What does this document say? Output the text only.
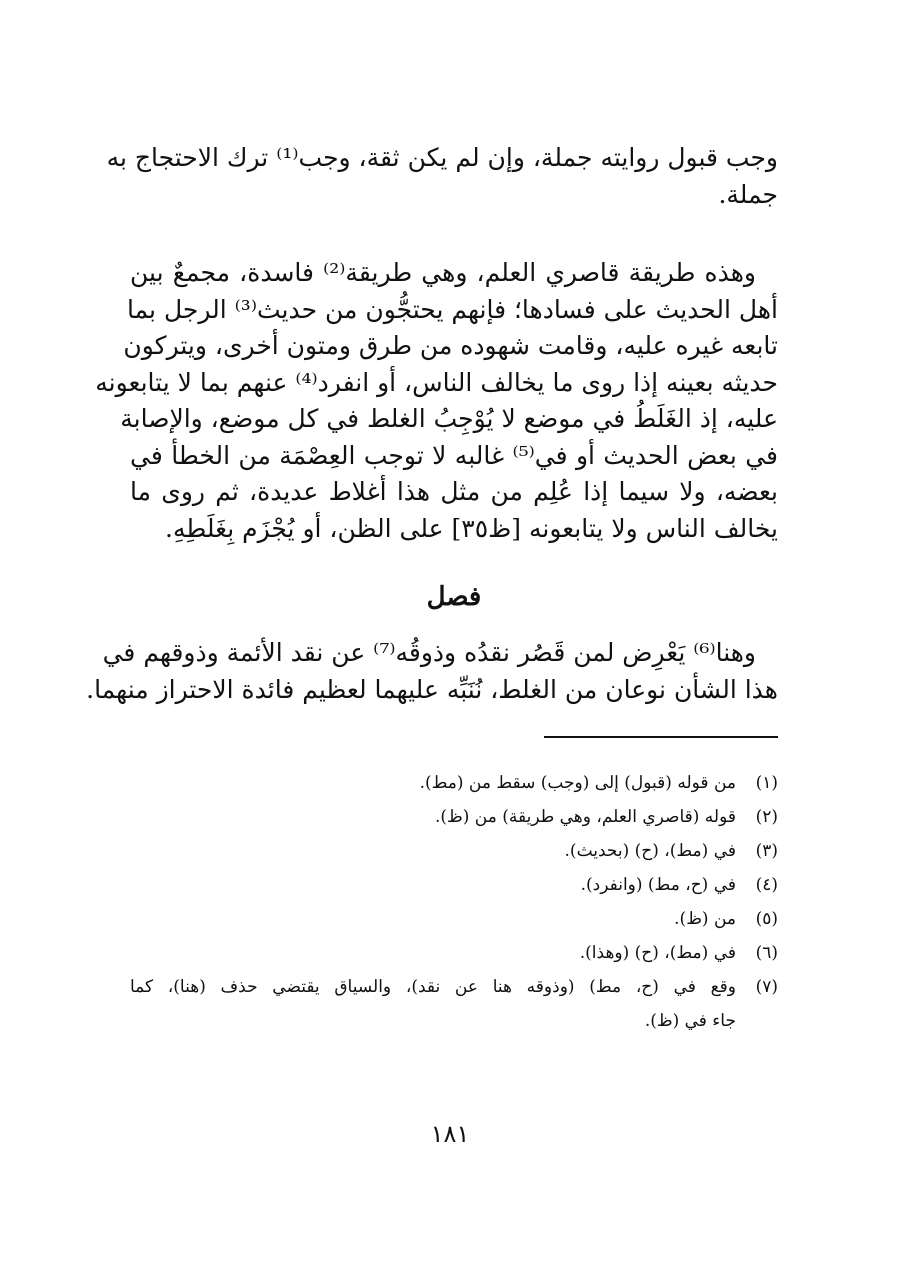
وجب قبول روايته جملة، وإن لم يكن ثقة، وجب⁽¹⁾ ترك الاحتجاج به
جملة.
وهذه طريقة قاصري العلم، وهي طريقة⁽²⁾ فاسدة، مجمعٌ بين
أهل الحديث على فسادها؛ فإنهم يحتجُّون من حديث⁽³⁾ الرجل بما
تابعه غيره عليه، وقامت شهوده من طرق ومتون أخرى، ويتركون
حديثه بعينه إذا روى ما يخالف الناس، أو انفرد⁽⁴⁾ عنهم بما لا يتابعونه
عليه، إذ الغَلَطُ في موضع لا يُوْجِبُ الغلط في كل موضع، والإصابة
في بعض الحديث أو في⁽⁵⁾ غالبه لا توجب العِصْمَة من الخطأ في
بعضه، ولا سيما إذا عُلِم من مثل هذا أغلاط عديدة، ثم روى ما
يخالف الناس ولا يتابعونه [ظ٣٥] على الظن، أو يُجْزَم بِغَلَطِهِ.
فصل
وهنا⁽⁶⁾ يَعْرِض لمن قَصُر نقدُه وذوقُه⁽⁷⁾ عن نقد الأئمة وذوقهم في
هذا الشأن نوعان من الغلط، نُنَبِّه عليهما لعظيم فائدة الاحتراز منهما.
(١)
من قوله (قبول) إلى (وجب) سقط من (مط).
(٢)
قوله (قاصري العلم، وهي طريقة) من (ظ).
(٣)
في (مط)، (ح) (بحديث).
(٤)
في (ح، مط) (وانفرد).
(٥)
من (ظ).
(٦)
في (مط)، (ح) (وهذا).
(٧)
وقع في (ح، مط) (وذوقه هنا عن نقد)، والسياق يقتضي حذف (هنا)، كما
جاء في (ظ).
١٨١
